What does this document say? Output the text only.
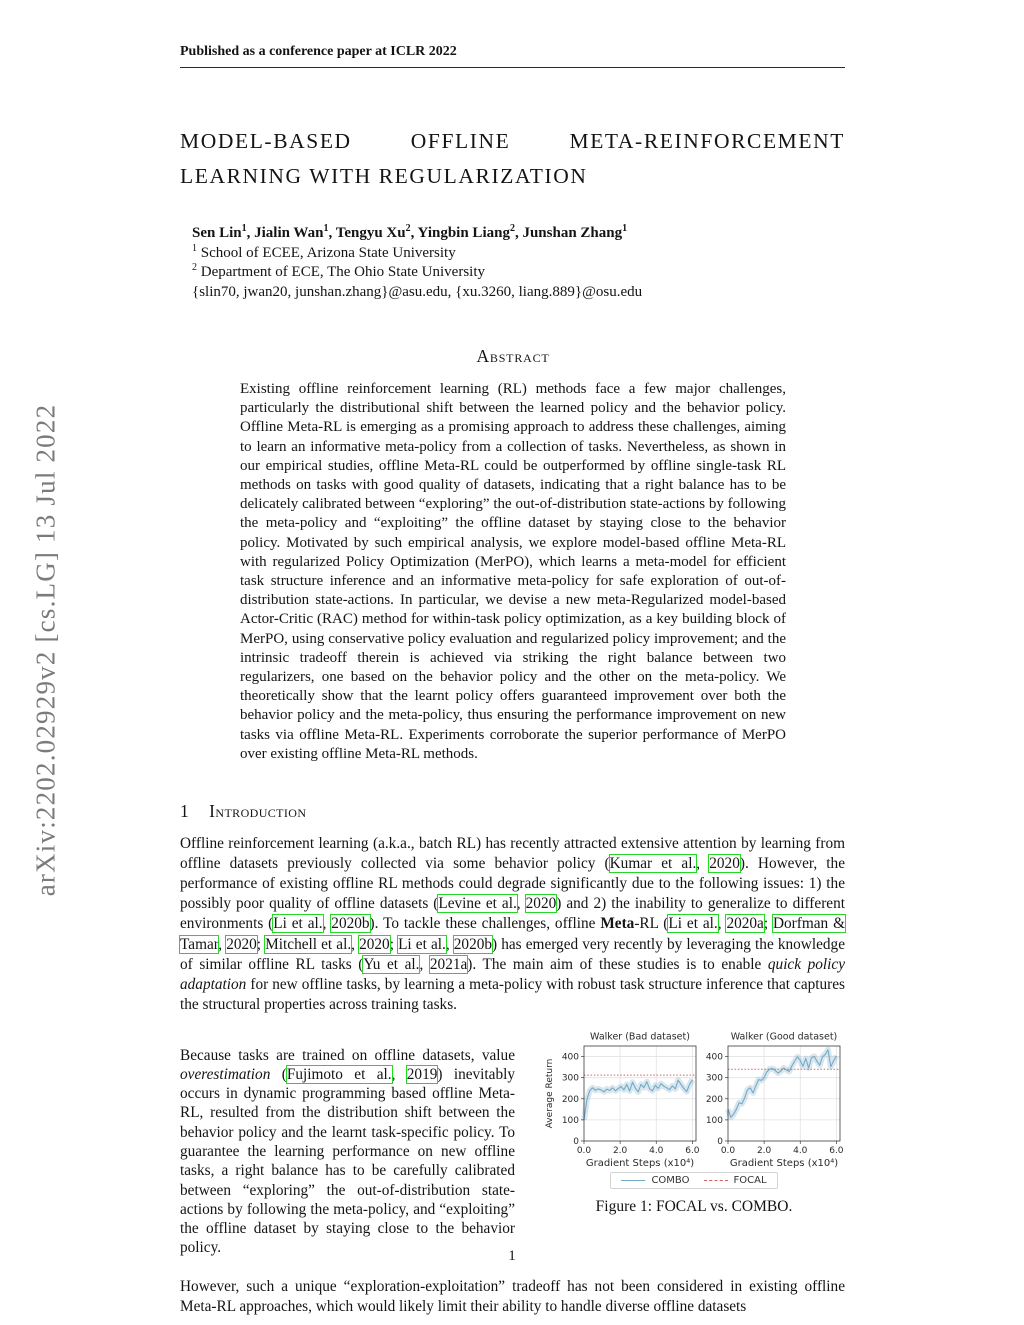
arXiv:2202.02929v2 [cs.LG] 13 Jul 2022
Published as a conference paper at ICLR 2022
MODEL-BASED OFFLINE META-REINFORCEMENT
LEARNING WITH REGULARIZATION
Sen Lin$^1$, Jialin Wan$^1$, Tengyu Xu$^2$, Yingbin Liang$^2$, Junshan Zhang$^1$
$^1$ School of ECEE, Arizona State University
$^2$ Department of ECE, The Ohio State University
{slin70, jwan20, junshan.zhang}@asu.edu, {xu.3260, liang.889}@osu.edu
Abstract
Existing offline reinforcement learning (RL) methods face a few major challenges, particularly the distributional shift between the learned policy and the behavior policy. Offline Meta-RL is emerging as a promising approach to address these challenges, aiming to learn an informative meta-policy from a collection of tasks. Nevertheless, as shown in our empirical studies, offline Meta-RL could be outperformed by offline single-task RL methods on tasks with good quality of datasets, indicating that a right balance has to be delicately calibrated between “exploring” the out-of-distribution state-actions by following the meta-policy and “exploiting” the offline dataset by staying close to the behavior policy. Motivated by such empirical analysis, we explore model-based offline Meta-RL with regularized Policy Optimization (MerPO), which learns a meta-model for efficient task structure inference and an informative meta-policy for safe exploration of out-of-distribution state-actions. In particular, we devise a new meta-Regularized model-based Actor-Critic (RAC) method for within-task policy optimization, as a key building block of MerPO, using conservative policy evaluation and regularized policy improvement; and the intrinsic tradeoff therein is achieved via striking the right balance between two regularizers, one based on the behavior policy and the other on the meta-policy. We theoretically show that the learnt policy offers guaranteed improvement over both the behavior policy and the meta-policy, thus ensuring the performance improvement on new tasks via offline Meta-RL. Experiments corroborate the superior performance of MerPO over existing offline Meta-RL methods.
1 Introduction

Offline reinforcement learning (a.k.a., batch RL) has recently attracted extensive attention by learning from offline datasets previously collected via some behavior policy (Kumar et al., 2020). However, the performance of existing offline RL methods could degrade significantly due to the following issues: 1) the possibly poor quality of offline datasets (Levine et al., 2020) and 2) the inability to generalize to different environments (Li et al., 2020b). To tackle these challenges, offline Meta-RL (Li et al., 2020a; Dorfman & Tamar, 2020; Mitchell et al., 2020; Li et al., 2020b) has emerged very recently by leveraging the knowledge of similar offline RL tasks (Yu et al., 2021a). The main aim of these studies is to enable quick policy adaptation for new offline tasks, by learning a meta-policy with robust task structure inference that captures the structural properties across training tasks.

Because tasks are trained on offline datasets, value overestimation (Fujimoto et al., 2019) inevitably occurs in dynamic programming based offline Meta-RL, resulted from the distribution shift between the behavior policy and the learnt task-specific policy. To guarantee the learning performance on new offline tasks, a right balance has to be carefully calibrated between “exploring” the out-of-distribution state-actions by following the meta-policy, and “exploiting” the offline dataset by staying close to the behavior policy.

0
100
200
300
400
0.0 2.0 4.0 6.0
Walker (Bad dataset)
Gradient Steps (x10⁴)
Average Return
0
100
200
300
400
0.0 2.0 4.0 6.0
Walker (Good dataset)
Gradient Steps (x10⁴)
COMBO	FOCAL
Figure 1: FOCAL vs. COMBO.

However, such a unique “exploration-exploitation” tradeoff has not been considered in existing offline Meta-RL approaches, which would likely limit their ability to handle diverse offline datasets

1
